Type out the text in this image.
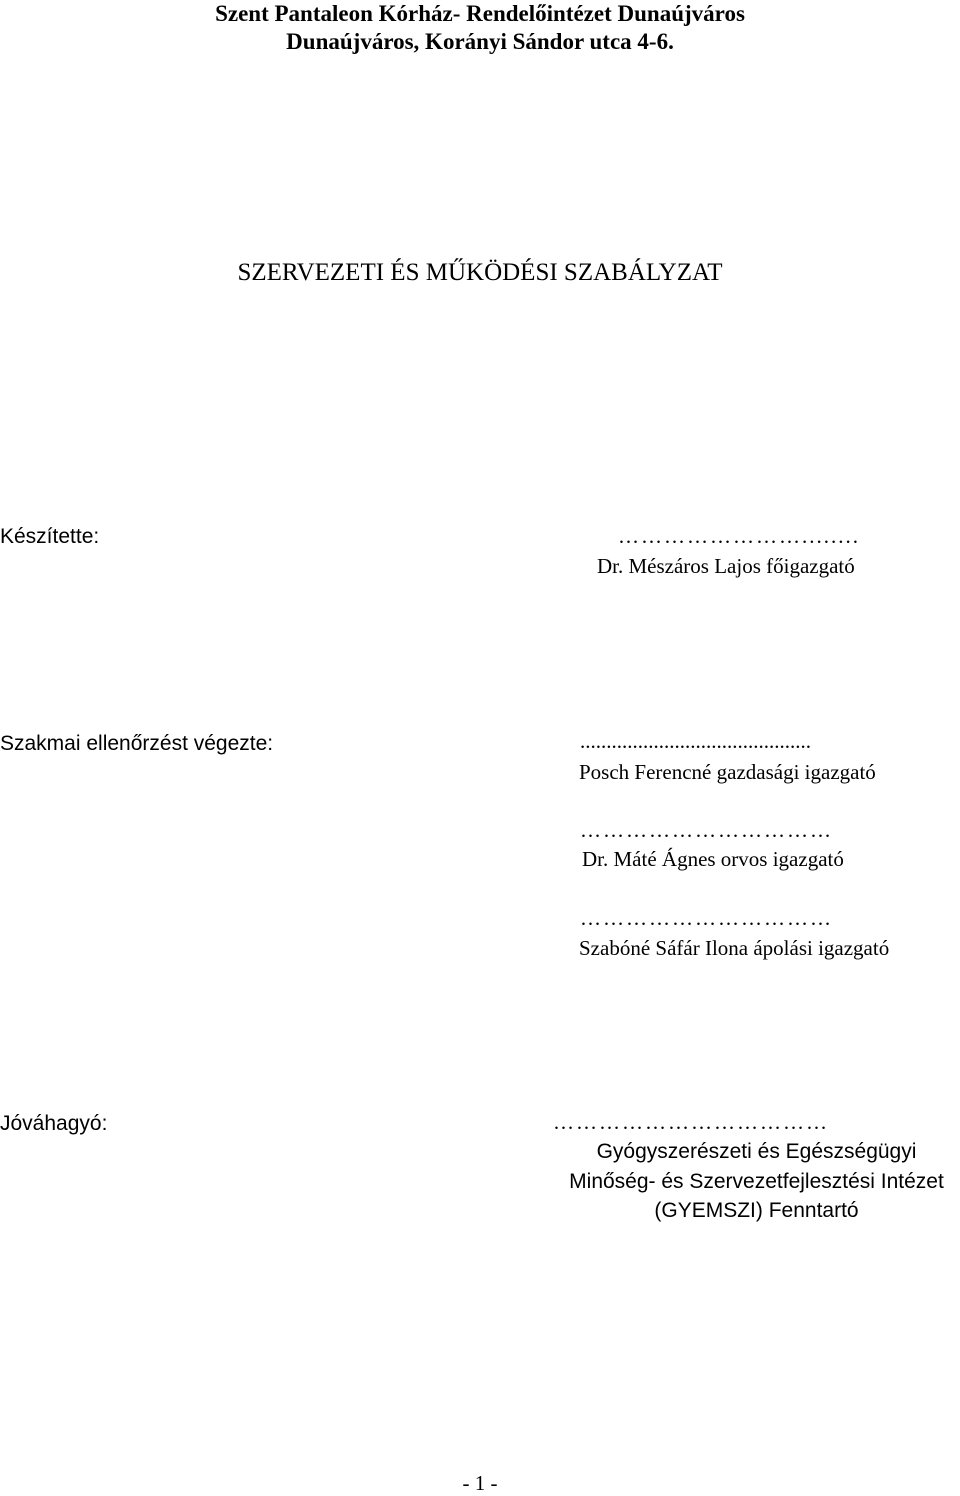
Szent Pantaleon Kórház- Rendelőintézet Dunaújváros
Dunaújváros, Korányi Sándor utca 4-6.
SZERVEZETI ÉS MŰKÖDÉSI SZABÁLYZAT
Készítette:	……………………........
Dr. Mészáros Lajos főigazgató
Szakmai ellenőrzést végezte:	............................................
Posch Ferencné gazdasági igazgató
……………………………
Dr. Máté Ágnes orvos igazgató
……………………………
Szabóné Sáfár Ilona ápolási igazgató
Jóváhagyó:	………………………………
Gyógyszerészeti és Egészségügyi
Minőség- és Szervezetfejlesztési Intézet
(GYEMSZI) Fenntartó
- 1 -
